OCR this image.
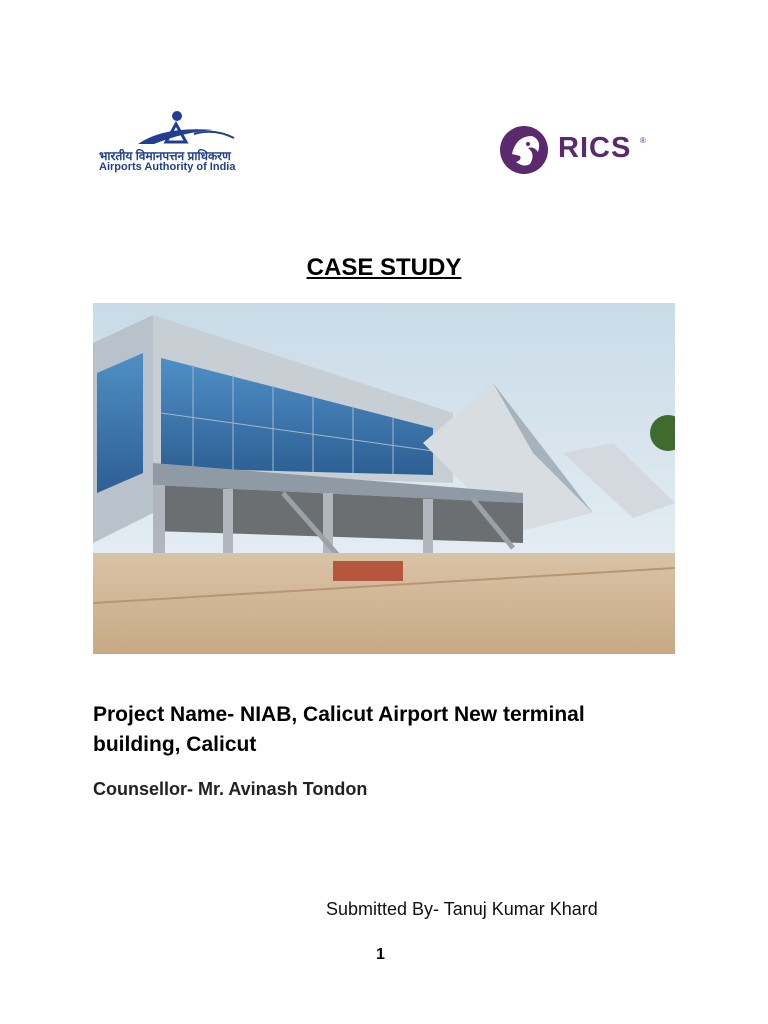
भारतीय विमानपत्तन प्राधिकरण
Airports Authority of India
RICS ®
CASE STUDY
Project Name- NIAB, Calicut Airport New terminal building, Calicut
Counsellor- Mr. Avinash Tondon
Submitted By- Tanuj Kumar Khard
1
